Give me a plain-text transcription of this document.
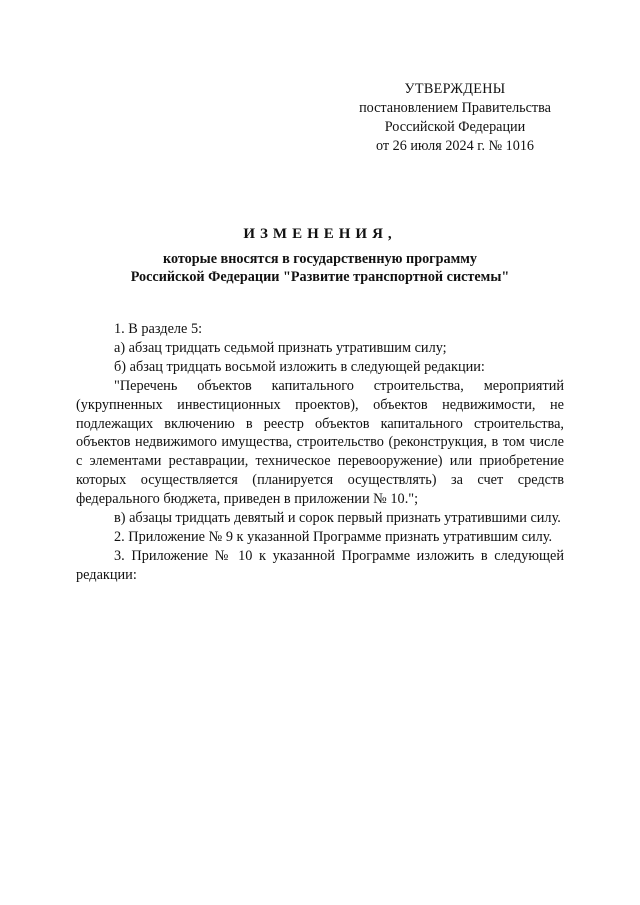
УТВЕРЖДЕНЫ
постановлением Правительства
Российской Федерации
от 26 июля 2024 г. № 1016
ИЗМЕНЕНИЯ,
которые вносятся в государственную программу
Российской Федерации "Развитие транспортной системы"

1. В разделе 5:

а) абзац тридцать седьмой признать утратившим силу;

б) абзац тридцать восьмой изложить в следующей редакции:

"Перечень объектов капитального строительства, мероприятий (укрупненных инвестиционных проектов), объектов недвижимости, не подлежащих включению в реестр объектов капитального строительства, объектов недвижимого имущества, строительство (реконструкция, в том числе с элементами реставрации, техническое перевооружение) или приобретение которых осуществляется (планируется осуществлять) за счет средств федерального бюджета, приведен в приложении № 10.";

в) абзацы тридцать девятый и сорок первый признать утратившими силу.

2. Приложение № 9 к указанной Программе признать утратившим силу.

3. Приложение № 10 к указанной Программе изложить в следующей редакции:
